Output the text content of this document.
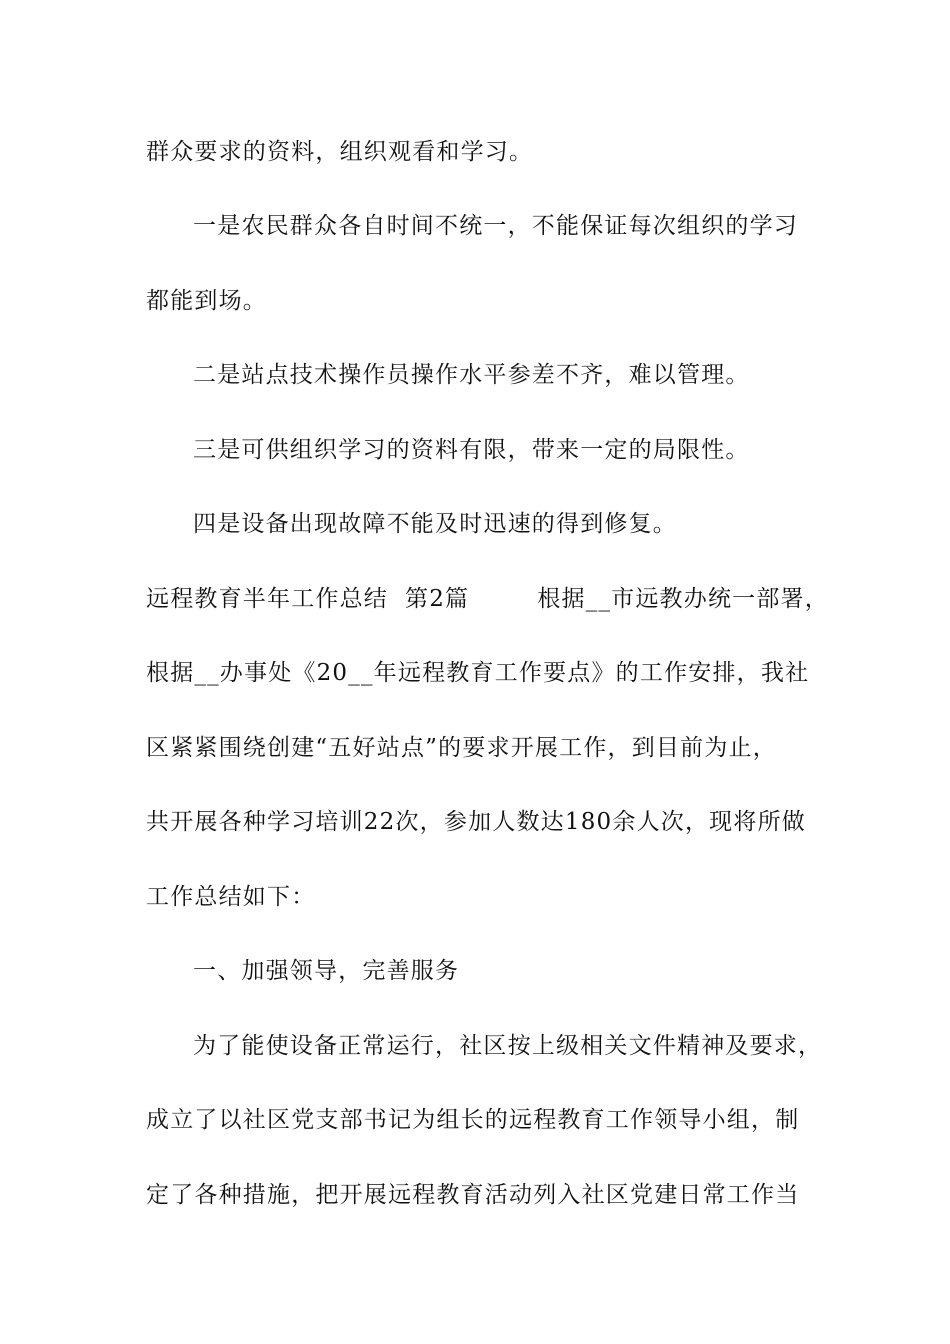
群众要求的资料，组织观看和学习。
一是农民群众各自时间不统一，不能保证每次组织的学习
都能到场。
二是站点技术操作员操作水平参差不齐，难以管理。
三是可供组织学习的资料有限，带来一定的局限性。
四是设备出现故障不能及时迅速的得到修复。
远程教育半年工作总结  第2篇        根据__市远教办统一部署，
根据__办事处《20__年远程教育工作要点》的工作安排，我社
区紧紧围绕创建“五好站点”的要求开展工作，到目前为止，
共开展各种学习培训22次，参加人数达180余人次，现将所做
工作总结如下：
一、加强领导，完善服务
为了能使设备正常运行，社区按上级相关文件精神及要求，
成立了以社区党支部书记为组长的远程教育工作领导小组，制
定了各种措施，把开展远程教育活动列入社区党建日常工作当
